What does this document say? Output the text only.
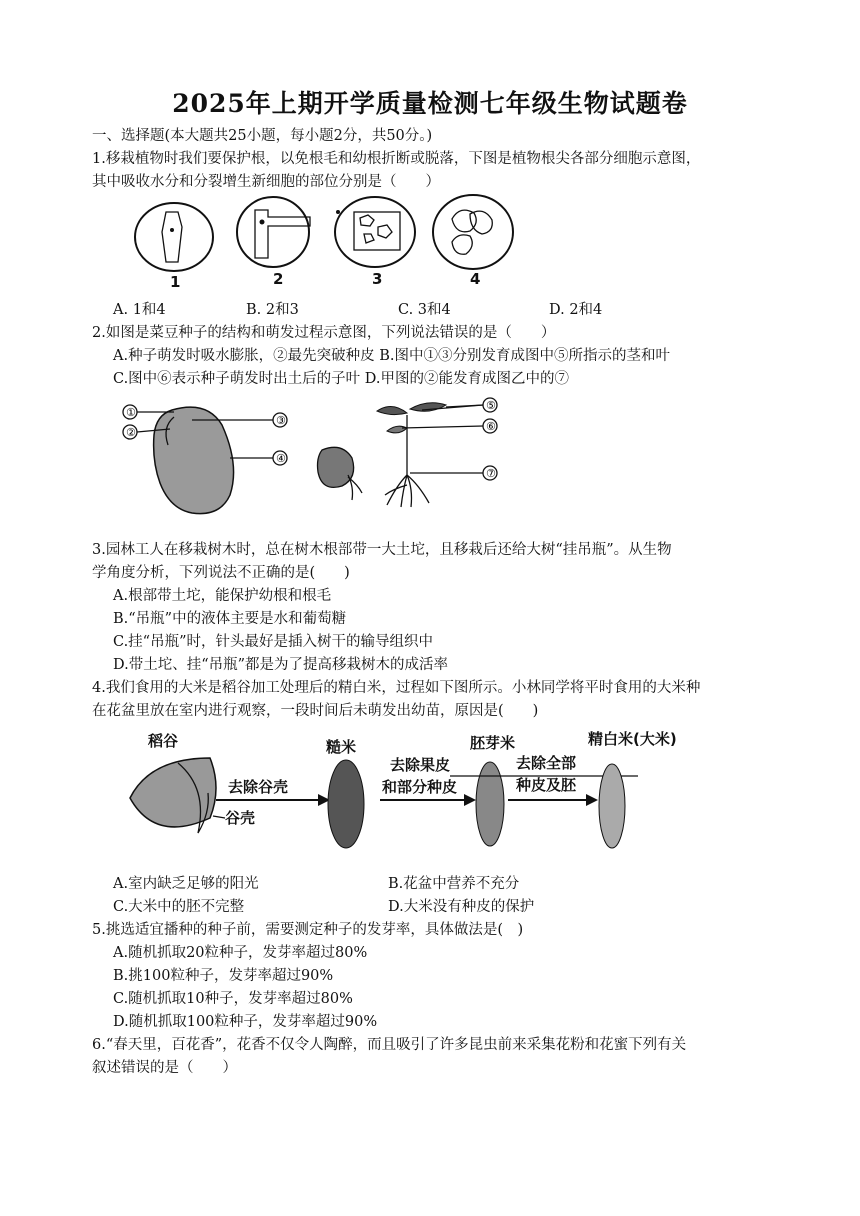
2025年上期开学质量检测七年级生物试题卷
一、选择题(本大题共25小题，每小题2分，共50分。)
1.移栽植物时我们要保护根，以免根毛和幼根折断或脱落，下图是植物根尖各部分细胞示意图，
其中吸收水分和分裂增生新细胞的部位分别是（　　）
1	2	3	4
A. 1和4	B. 2和3	C. 3和4	D. 2和4
2.如图是菜豆种子的结构和萌发过程示意图，下列说法错误的是（　　）
A.种子萌发时吸水膨胀，②最先突破种皮 B.图中①③分别发育成图中⑤所指示的茎和叶
C.图中⑥表示种子萌发时出土后的子叶 D.甲图的②能发育成图乙中的⑦
①
②
③
④
⑤
⑥
⑦
3.园林工人在移栽树木时，总在树木根部带一大土坨，且移栽后还给大树“挂吊瓶”。从生物
学角度分析，下列说法不正确的是(　　)
A.根部带土坨，能保护幼根和根毛
B.“吊瓶”中的液体主要是水和葡萄糖
C.挂“吊瓶”时，针头最好是插入树干的输导组织中
D.带土坨、挂“吊瓶”都是为了提高移栽树木的成活率
4.我们食用的大米是稻谷加工处理后的精白米，过程如下图所示。小林同学将平时食用的大米种
在花盆里放在室内进行观察，一段时间后未萌发出幼苗，原因是(　　)
稻谷
谷壳
去除谷壳
糙米
去除果皮
和部分种皮
胚芽米
去除全部
种皮及胚
精白米(大米)
A.室内缺乏足够的阳光	B.花盆中营养不充分
C.大米中的胚不完整	D.大米没有种皮的保护
5.挑选适宜播种的种子前，需要测定种子的发芽率，具体做法是(　)
A.随机抓取20粒种子，发芽率超过80%
B.挑100粒种子，发芽率超过90%
C.随机抓取10种子，发芽率超过80%
D.随机抓取100粒种子，发芽率超过90%
6.“春天里，百花香”，花香不仅令人陶醉，而且吸引了许多昆虫前来采集花粉和花蜜下列有关
叙述错误的是（　　）
